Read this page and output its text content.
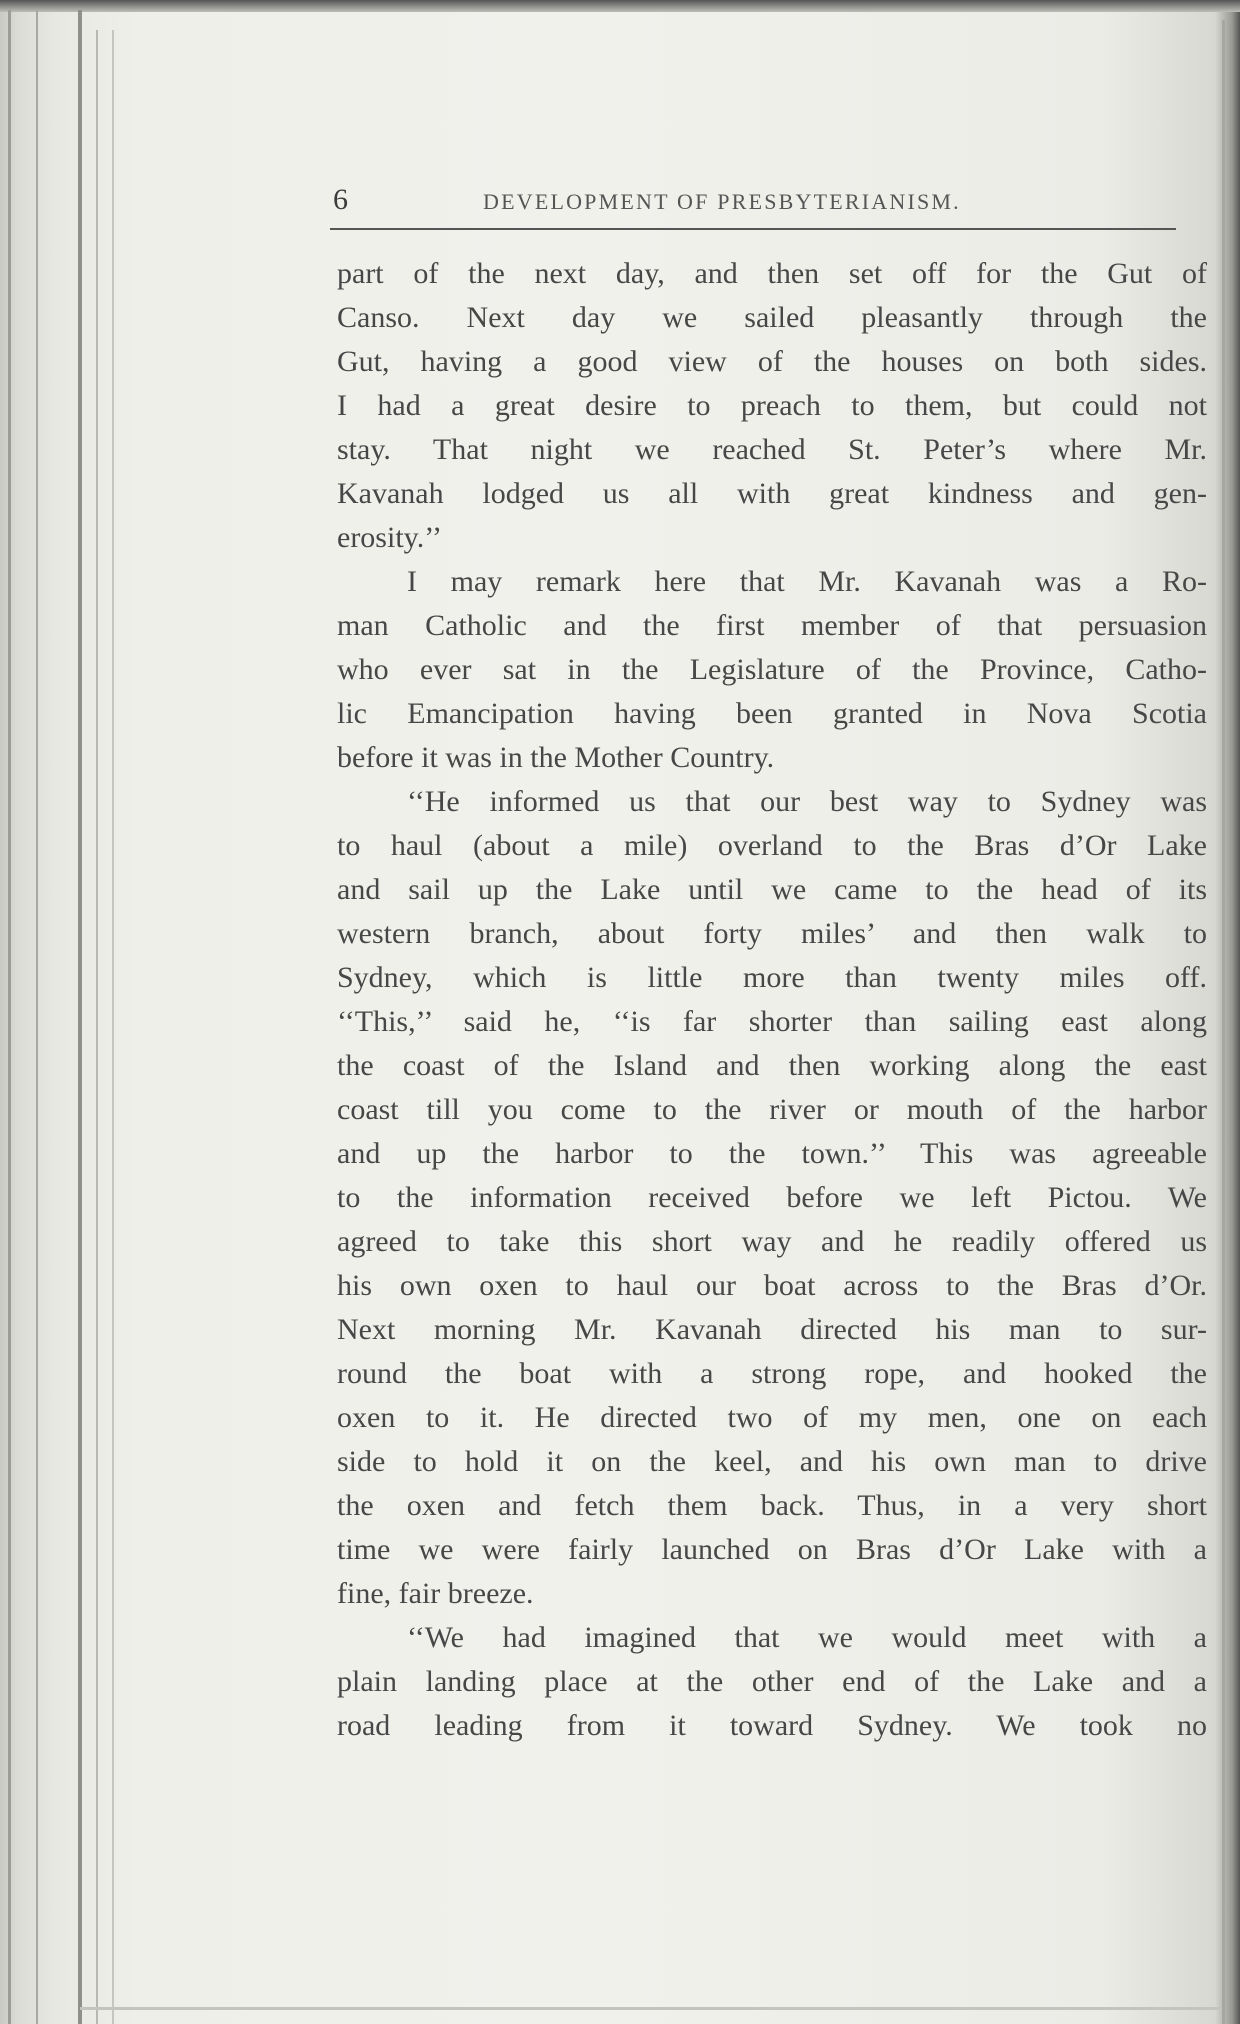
6	DEVELOPMENT OF PRESBYTERIANISM.
part of the next day, and then set off for the Gut of
Canso. Next day we sailed pleasantly through the
Gut, having a good view of the houses on both sides.
I had a great desire to preach to them, but could not
stay. That night we reached St. Peter’s where Mr.
Kavanah lodged us all with great kindness and gen-
erosity.’’
I may remark here that Mr. Kavanah was a Ro-
man Catholic and the first member of that persuasion
who ever sat in the Legislature of the Province, Catho-
lic Emancipation having been granted in Nova Scotia
before it was in the Mother Country.
‘‘He informed us that our best way to Sydney was
to haul (about a mile) overland to the Bras d’Or Lake
and sail up the Lake until we came to the head of its
western branch, about forty miles’ and then walk to
Sydney, which is little more than twenty miles off.
‘‘This,’’ said he, ‘‘is far shorter than sailing east along
the coast of the Island and then working along the east
coast till you come to the river or mouth of the harbor
and up the harbor to the town.’’ This was agreeable
to the information received before we left Pictou. We
agreed to take this short way and he readily offered us
his own oxen to haul our boat across to the Bras d’Or.
Next morning Mr. Kavanah directed his man to sur-
round the boat with a strong rope, and hooked the
oxen to it. He directed two of my men, one on each
side to hold it on the keel, and his own man to drive
the oxen and fetch them back. Thus, in a very short
time we were fairly launched on Bras d’Or Lake with a
fine, fair breeze.
‘‘We had imagined that we would meet with a
plain landing place at the other end of the Lake and a
road leading from it toward Sydney. We took no
